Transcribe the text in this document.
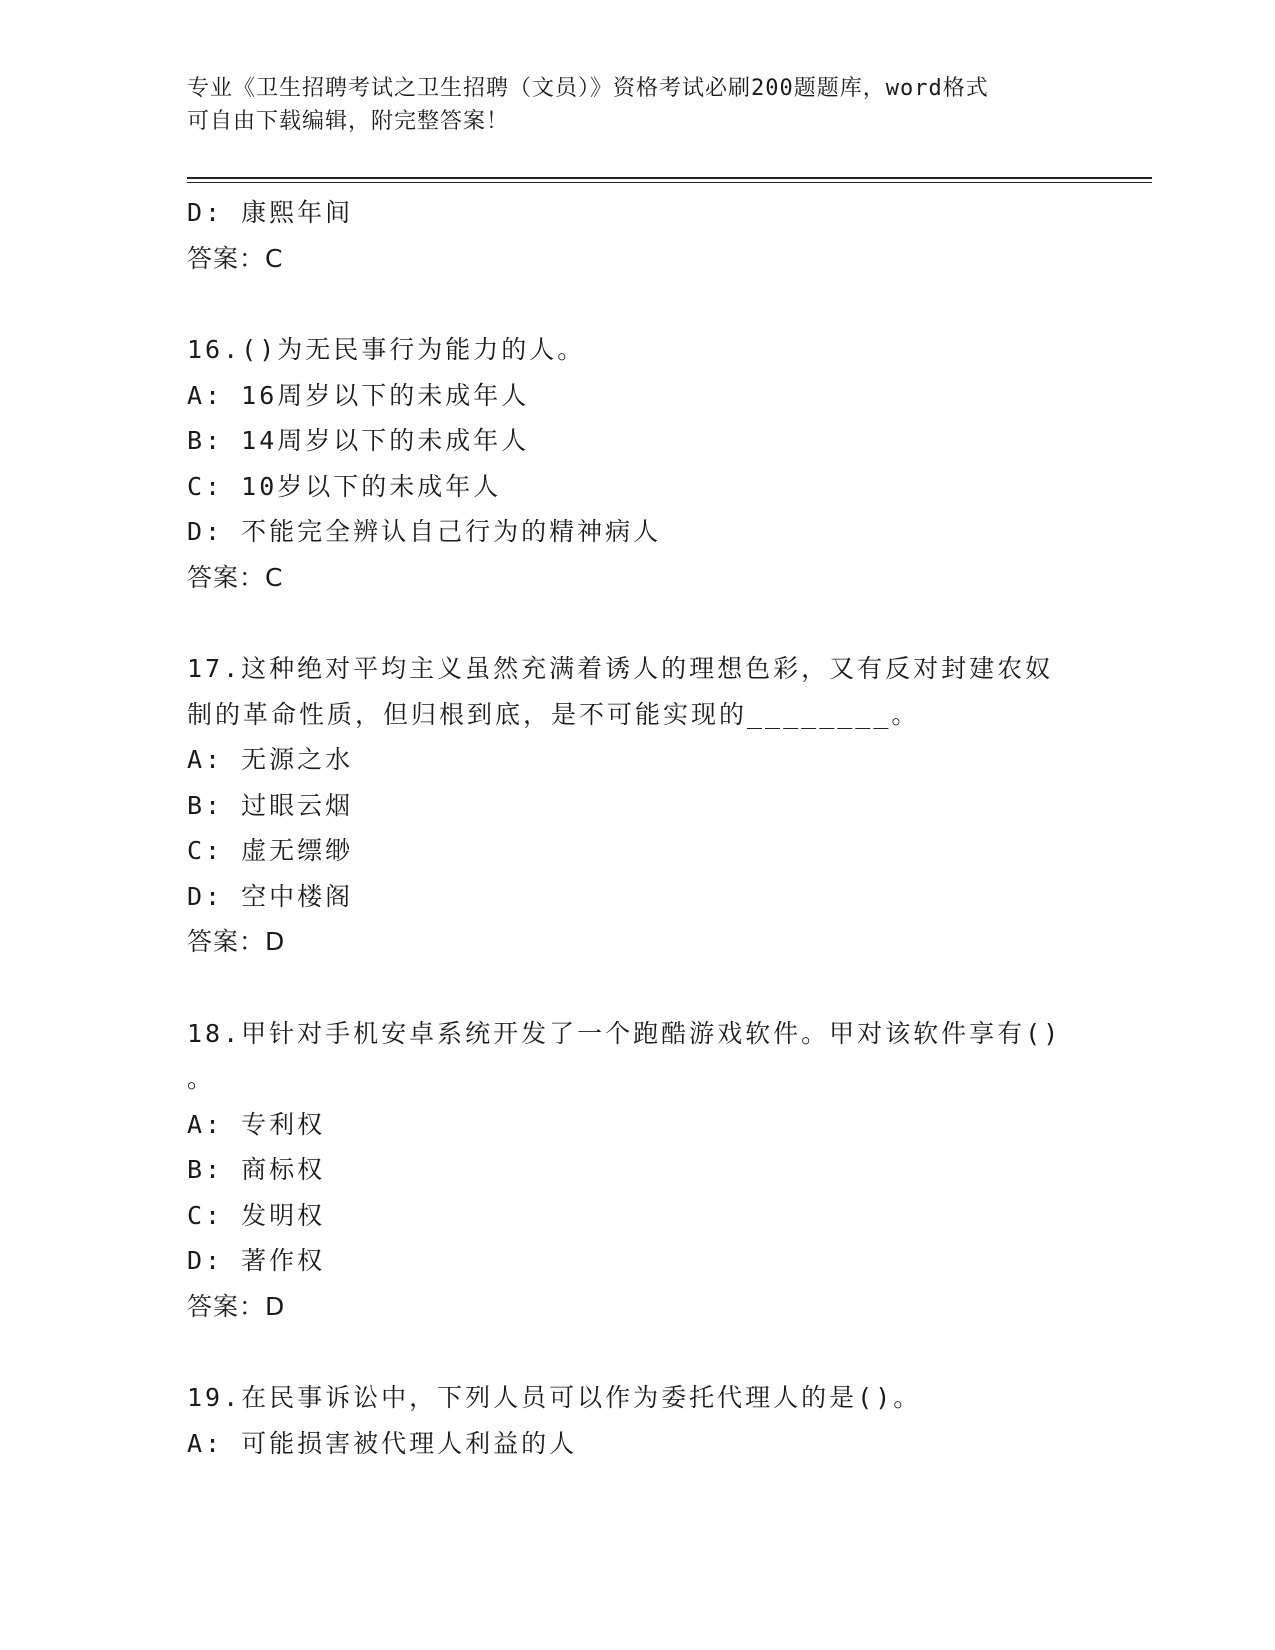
专业《卫生招聘考试之卫生招聘（文员）》资格考试必刷200题题库，word格式
可自由下载编辑，附完整答案！
D: 康熙年间
答案：C
16.()为无民事行为能力的人。
A: 16周岁以下的未成年人
B: 14周岁以下的未成年人
C: 10岁以下的未成年人
D: 不能完全辨认自己行为的精神病人
答案：C
17.这种绝对平均主义虽然充满着诱人的理想色彩，又有反对封建农奴
制的革命性质，但归根到底，是不可能实现的________。
A: 无源之水
B: 过眼云烟
C: 虚无缥缈
D: 空中楼阁
答案：D
18.甲针对手机安卓系统开发了一个跑酷游戏软件。甲对该软件享有()
。
A: 专利权
B: 商标权
C: 发明权
D: 著作权
答案：D
19.在民事诉讼中，下列人员可以作为委托代理人的是()。
A: 可能损害被代理人利益的人
